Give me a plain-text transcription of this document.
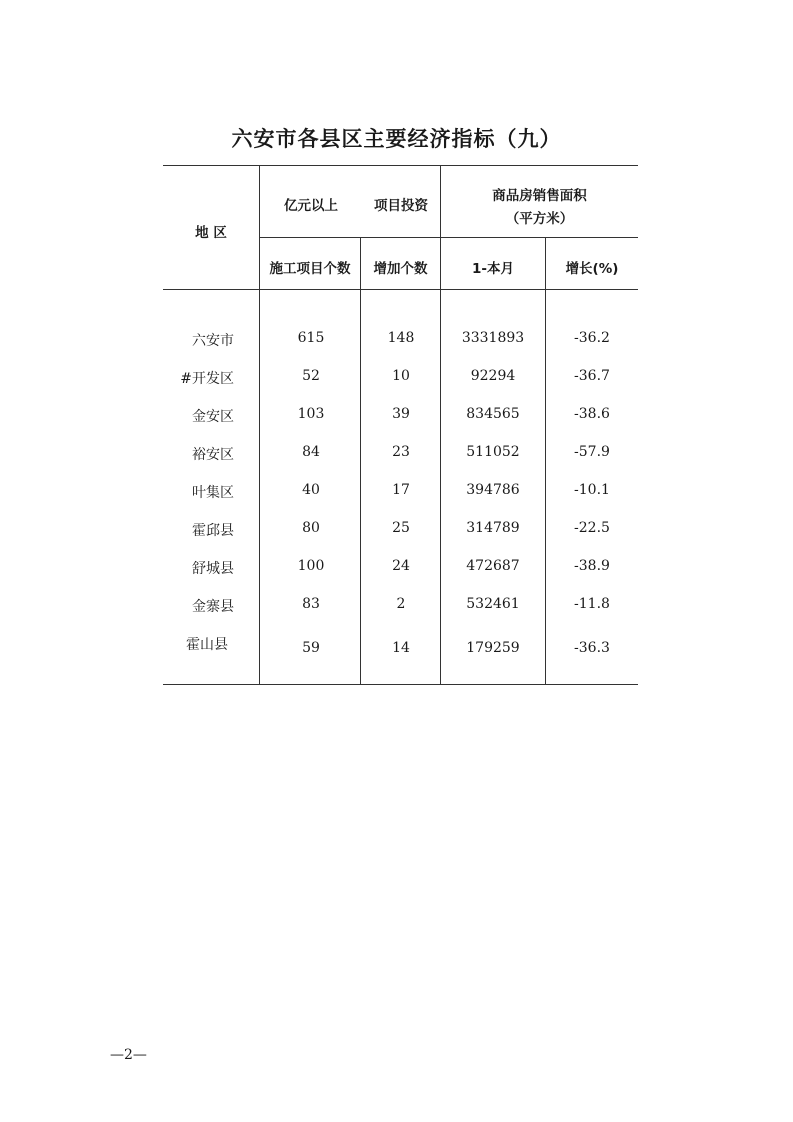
六安市各县区主要经济指标（九）
地 区
亿元以上	项目投资
商品房销售面积
（平方米）
施工项目个数	增加个数	1-本月	增长(%)
六安市	615	148	3331893	-36.2
#开发区	52	10	92294	-36.7
金安区	103	39	834565	-38.6
裕安区	84	23	511052	-57.9
叶集区	40	17	394786	-10.1
霍邱县	80	25	314789	-22.5
舒城县	100	24	472687	-38.9
金寨县	83	2	532461	-11.8
霍山县	59	14	179259	-36.3
—2—
